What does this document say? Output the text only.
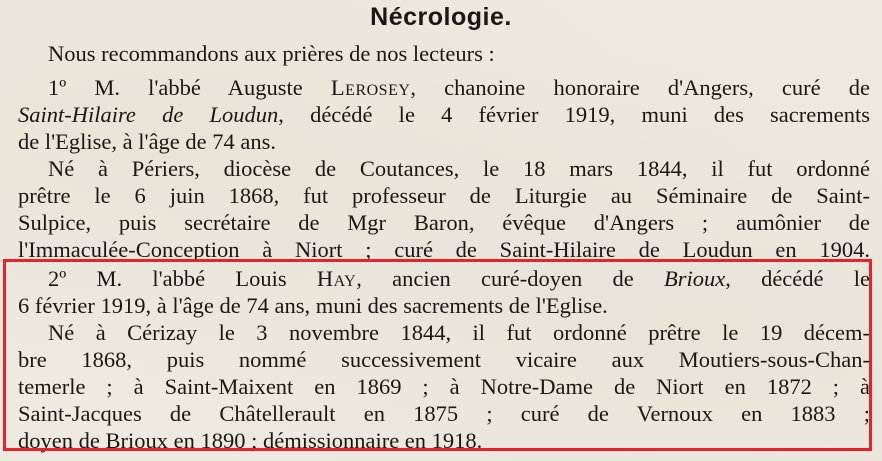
Nécrologie.
Nous recommandons aux prières de nos lecteurs :
1º M. l'abbé Auguste Lerosey, chanoine honoraire d'Angers, curé de
Saint-Hilaire de Loudun, décédé le 4 février 1919, muni des sacrements
de l'Eglise, à l'âge de 74 ans.
Né à Périers, diocèse de Coutances, le 18 mars 1844, il fut ordonné
prêtre le 6 juin 1868, fut professeur de Liturgie au Séminaire de Saint-
Sulpice, puis secrétaire de Mgr Baron, évêque d'Angers ; aumônier de
l'Immaculée-Conception à Niort ; curé de Saint-Hilaire de Loudun en 1904.
2º M. l'abbé Louis Hay, ancien curé-doyen de Brioux, décédé le
6 février 1919, à l'âge de 74 ans, muni des sacrements de l'Eglise.
Né à Cérizay le 3 novembre 1844, il fut ordonné prêtre le 19 décem-
bre 1868, puis nommé successivement vicaire aux Moutiers-sous-Chan-
temerle ; à Saint-Maixent en 1869 ; à Notre-Dame de Niort en 1872 ; à
Saint-Jacques de Châtellerault en 1875 ; curé de Vernoux en 1883 ;
doyen de Brioux en 1890 ; démissionnaire en 1918.
